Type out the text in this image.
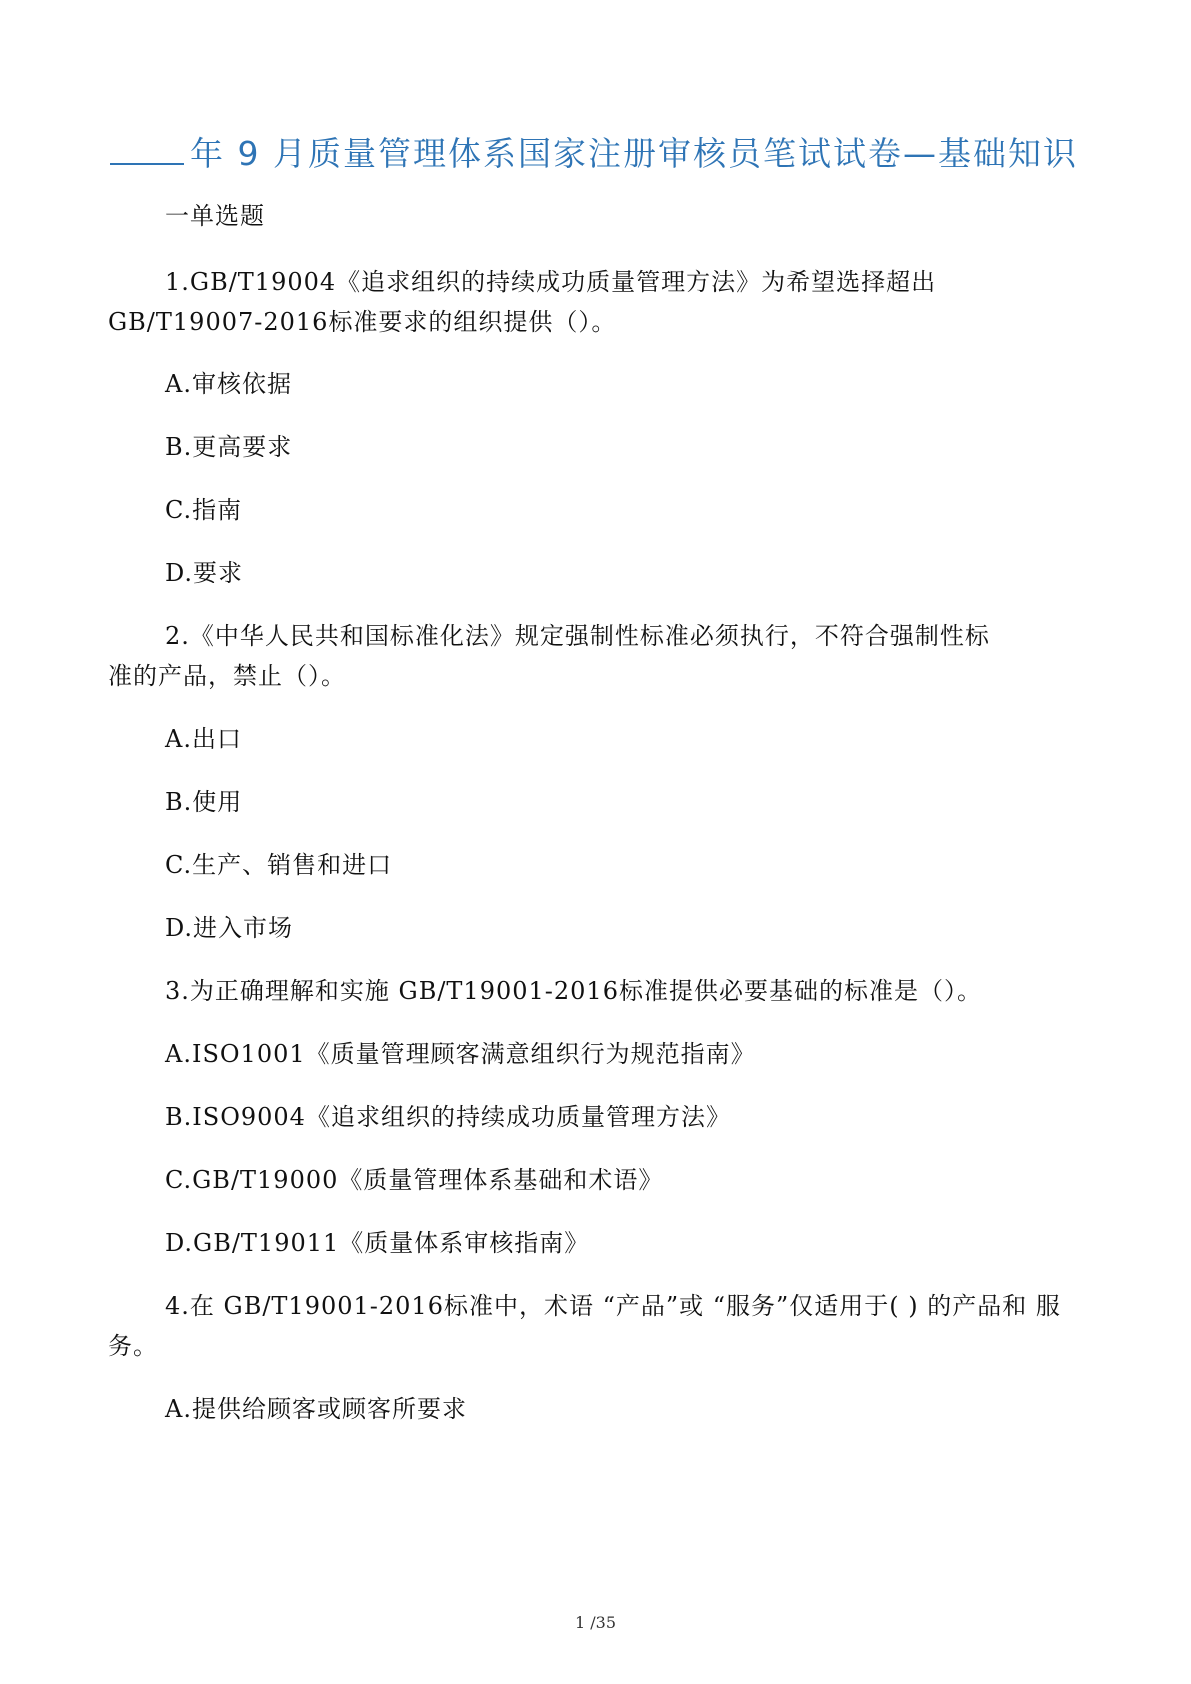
年 9 月质量管理体系国家注册审核员笔试试卷—基础知识
一单选题
1.GB/T19004《追求组织的持续成功质量管理方法》为希望选择超出
GB/T19007-2016标准要求的组织提供（）。
A.审核依据
B.更高要求
C.指南
D.要求
2.《中华人民共和国标准化法》规定强制性标准必须执行，不符合强制性标
准的产品，禁止（）。
A.出口
B.使用
C.生产、销售和进口
D.进入市场
3.为正确理解和实施 GB/T19001-2016标准提供必要基础的标准是（）。
A.ISO1001《质量管理顾客满意组织行为规范指南》
B.ISO9004《追求组织的持续成功质量管理方法》
C.GB/T19000《质量管理体系基础和术语》
D.GB/T19011《质量体系审核指南》
4.在 GB/T19001-2016标准中，术语 “产品”或 “服务”仅适用于( ) 的产品和 服
务。
A.提供给顾客或顾客所要求
1 /35
